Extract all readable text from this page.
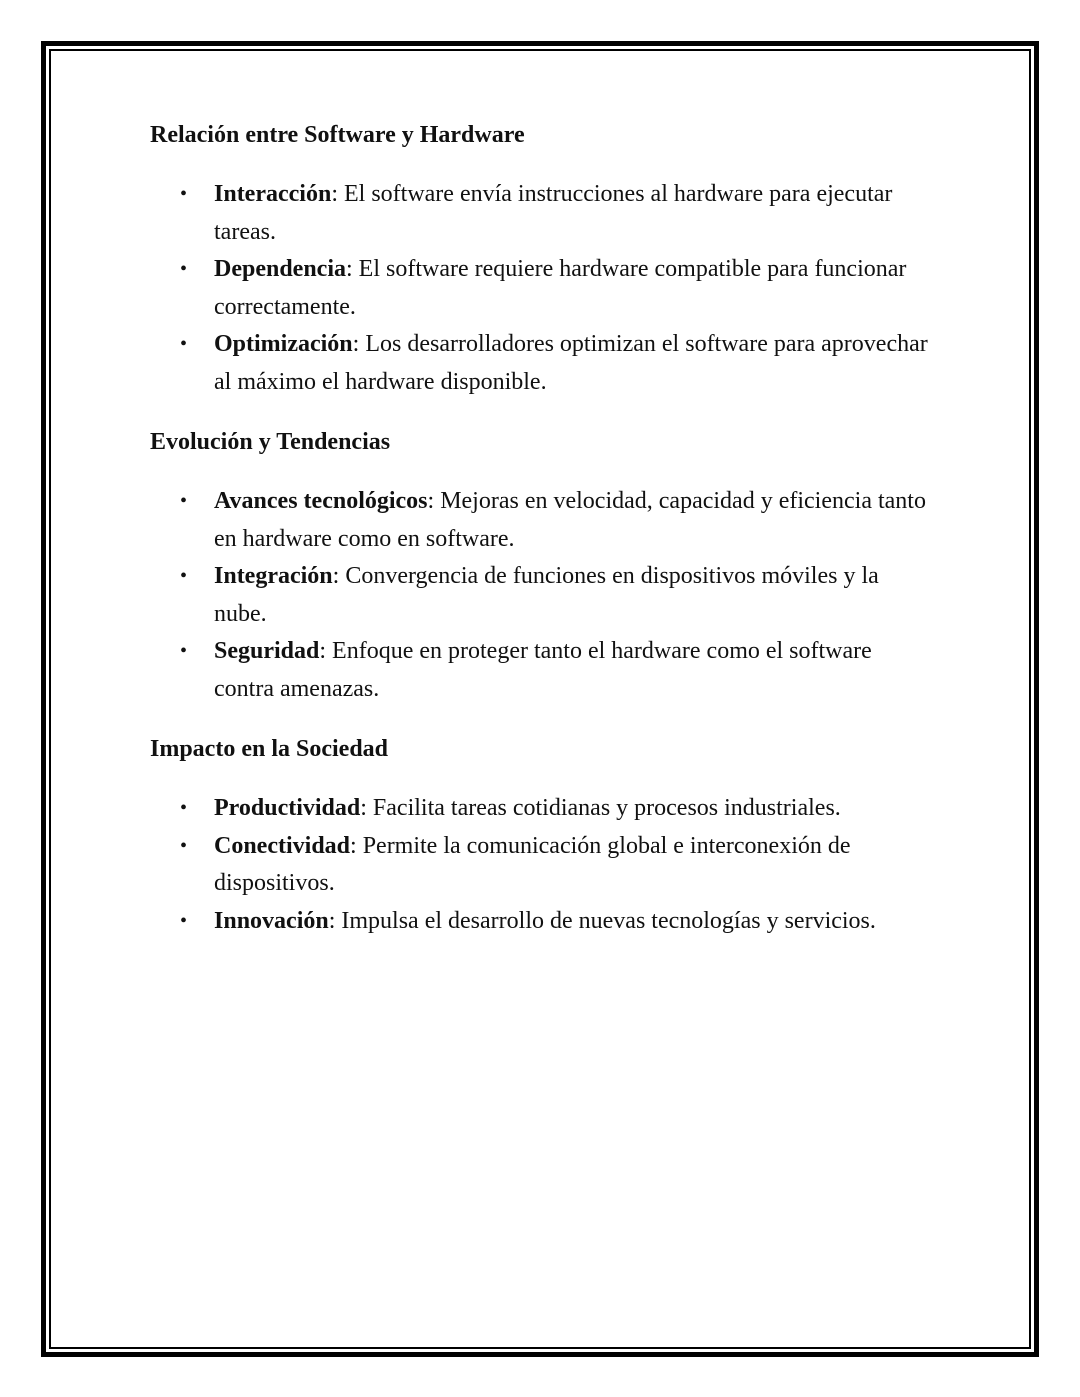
Relación entre Software y Hardware
• Interacción: El software envía instrucciones al hardware para ejecutar tareas.
• Dependencia: El software requiere hardware compatible para funcionar correctamente.
• Optimización: Los desarrolladores optimizan el software para aprovechar al máximo el hardware disponible.
Evolución y Tendencias
• Avances tecnológicos: Mejoras en velocidad, capacidad y eficiencia tanto en hardware como en software.
• Integración: Convergencia de funciones en dispositivos móviles y la nube.
• Seguridad: Enfoque en proteger tanto el hardware como el software contra amenazas.
Impacto en la Sociedad
• Productividad: Facilita tareas cotidianas y procesos industriales.
• Conectividad: Permite la comunicación global e interconexión de dispositivos.
• Innovación: Impulsa el desarrollo de nuevas tecnologías y servicios.
